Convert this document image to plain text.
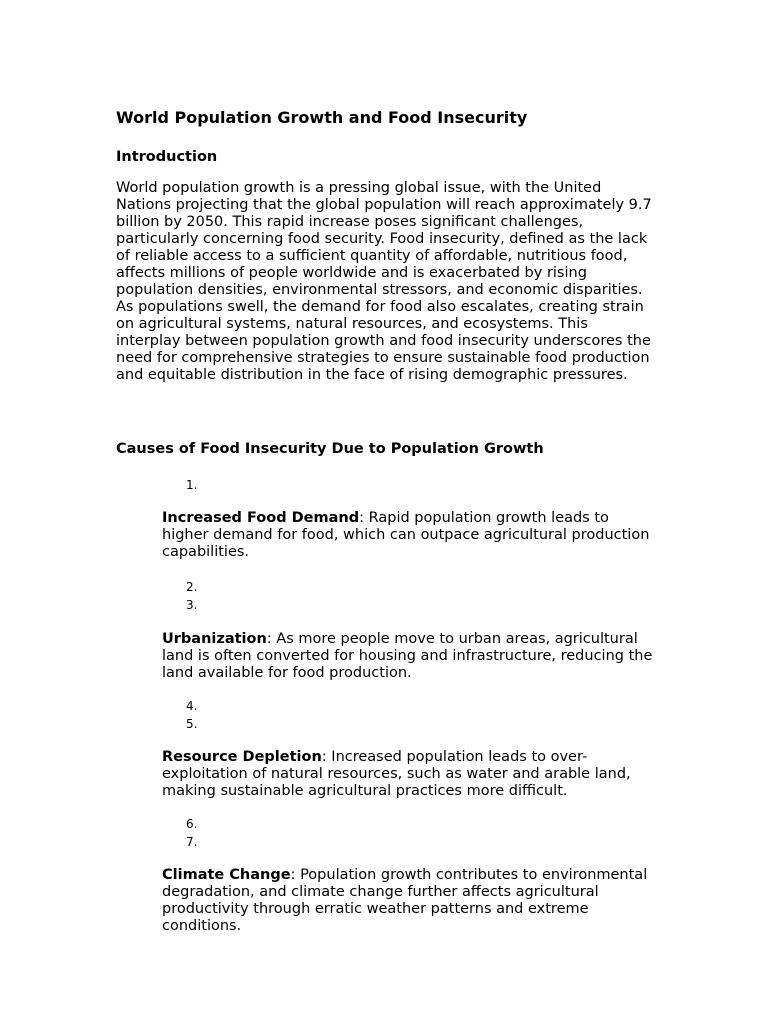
World Population Growth and Food Insecurity
Introduction

World population growth is a pressing global issue, with the United Nations projecting that the global population will reach approximately 9.7 billion by 2050. This rapid increase poses significant challenges, particularly concerning food security. Food insecurity, defined as the lack of reliable access to a sufficient quantity of affordable, nutritious food, affects millions of people worldwide and is exacerbated by rising population densities, environmental stressors, and economic disparities. As populations swell, the demand for food also escalates, creating strain on agricultural systems, natural resources, and ecosystems. This interplay between population growth and food insecurity underscores the need for comprehensive strategies to ensure sustainable food production and equitable distribution in the face of rising demographic pressures.

Causes of Food Insecurity Due to Population Growth
1.

Increased Food Demand: Rapid population growth leads to higher demand for food, which can outpace agricultural production capabilities.

2.
3.

Urbanization: As more people move to urban areas, agricultural land is often converted for housing and infrastructure, reducing the land available for food production.

4.
5.

Resource Depletion: Increased population leads to over-exploitation of natural resources, such as water and arable land, making sustainable agricultural practices more difficult.

6.
7.

Climate Change: Population growth contributes to environmental degradation, and climate change further affects agricultural productivity through erratic weather patterns and extreme conditions.
